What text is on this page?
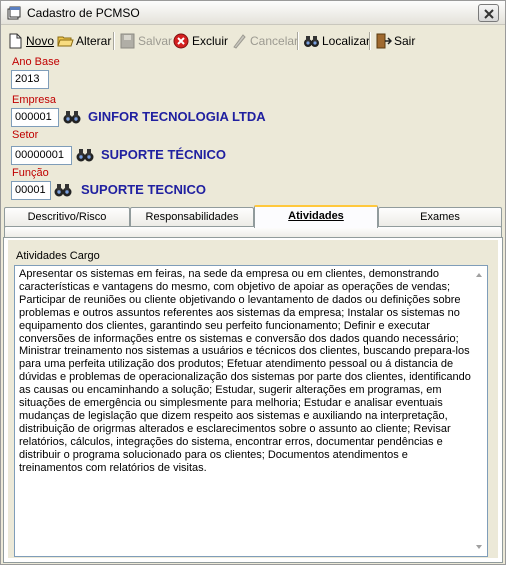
Cadastro de PCMSO
Novo Alterar Salvar Excluir Cancelar Localizar Sair
Ano Base
2013
Empresa
000001	GINFOR TECNOLOGIA LTDA
Setor
00000001	SUPORTE TÉCNICO
Função
00001	SUPORTE TECNICO
Descritivo/Risco	Responsabilidades	Atividades	Exames
Atividades Cargo
Apresentar os sistemas em feiras, na sede da empresa ou em clientes, demonstrando características e vantagens do mesmo, com objetivo de apoiar as operações de vendas; Participar de reuniões ou cliente objetivando o levantamento de dados ou definições sobre problemas e outros assuntos referentes aos sistemas da empresa; Instalar os sistemas no equipamento dos clientes, garantindo seu perfeito funcionamento; Definir e executar conversões de informações entre os sistemas e conversão dos dados quando necessário; Ministrar treinamento nos sistemas a usuários e técnicos dos clientes, buscando prepara-los para uma perfeita utilização dos produtos; Efetuar atendimento pessoal ou á distancia de dúvidas e problemas de operacionalização dos sistemas por parte dos clientes, identificando as causas ou encaminhando a solução; Estudar, sugerir alterações em programas, em situações de emergência ou simplesmente para melhoria; Estudar e analisar eventuais mudanças de legislação que dizem respeito aos sistemas e auxiliando na interpretação, distribuição de origrmas alterados e esclarecimentos sobre o assunto ao cliente; Revisar relatórios, cálculos, integrações do sistema, encontrar erros, documentar pendências e distribuir o programa solucionado para os clientes; Documentos atendimentos e treinamentos com relatórios de visitas.
